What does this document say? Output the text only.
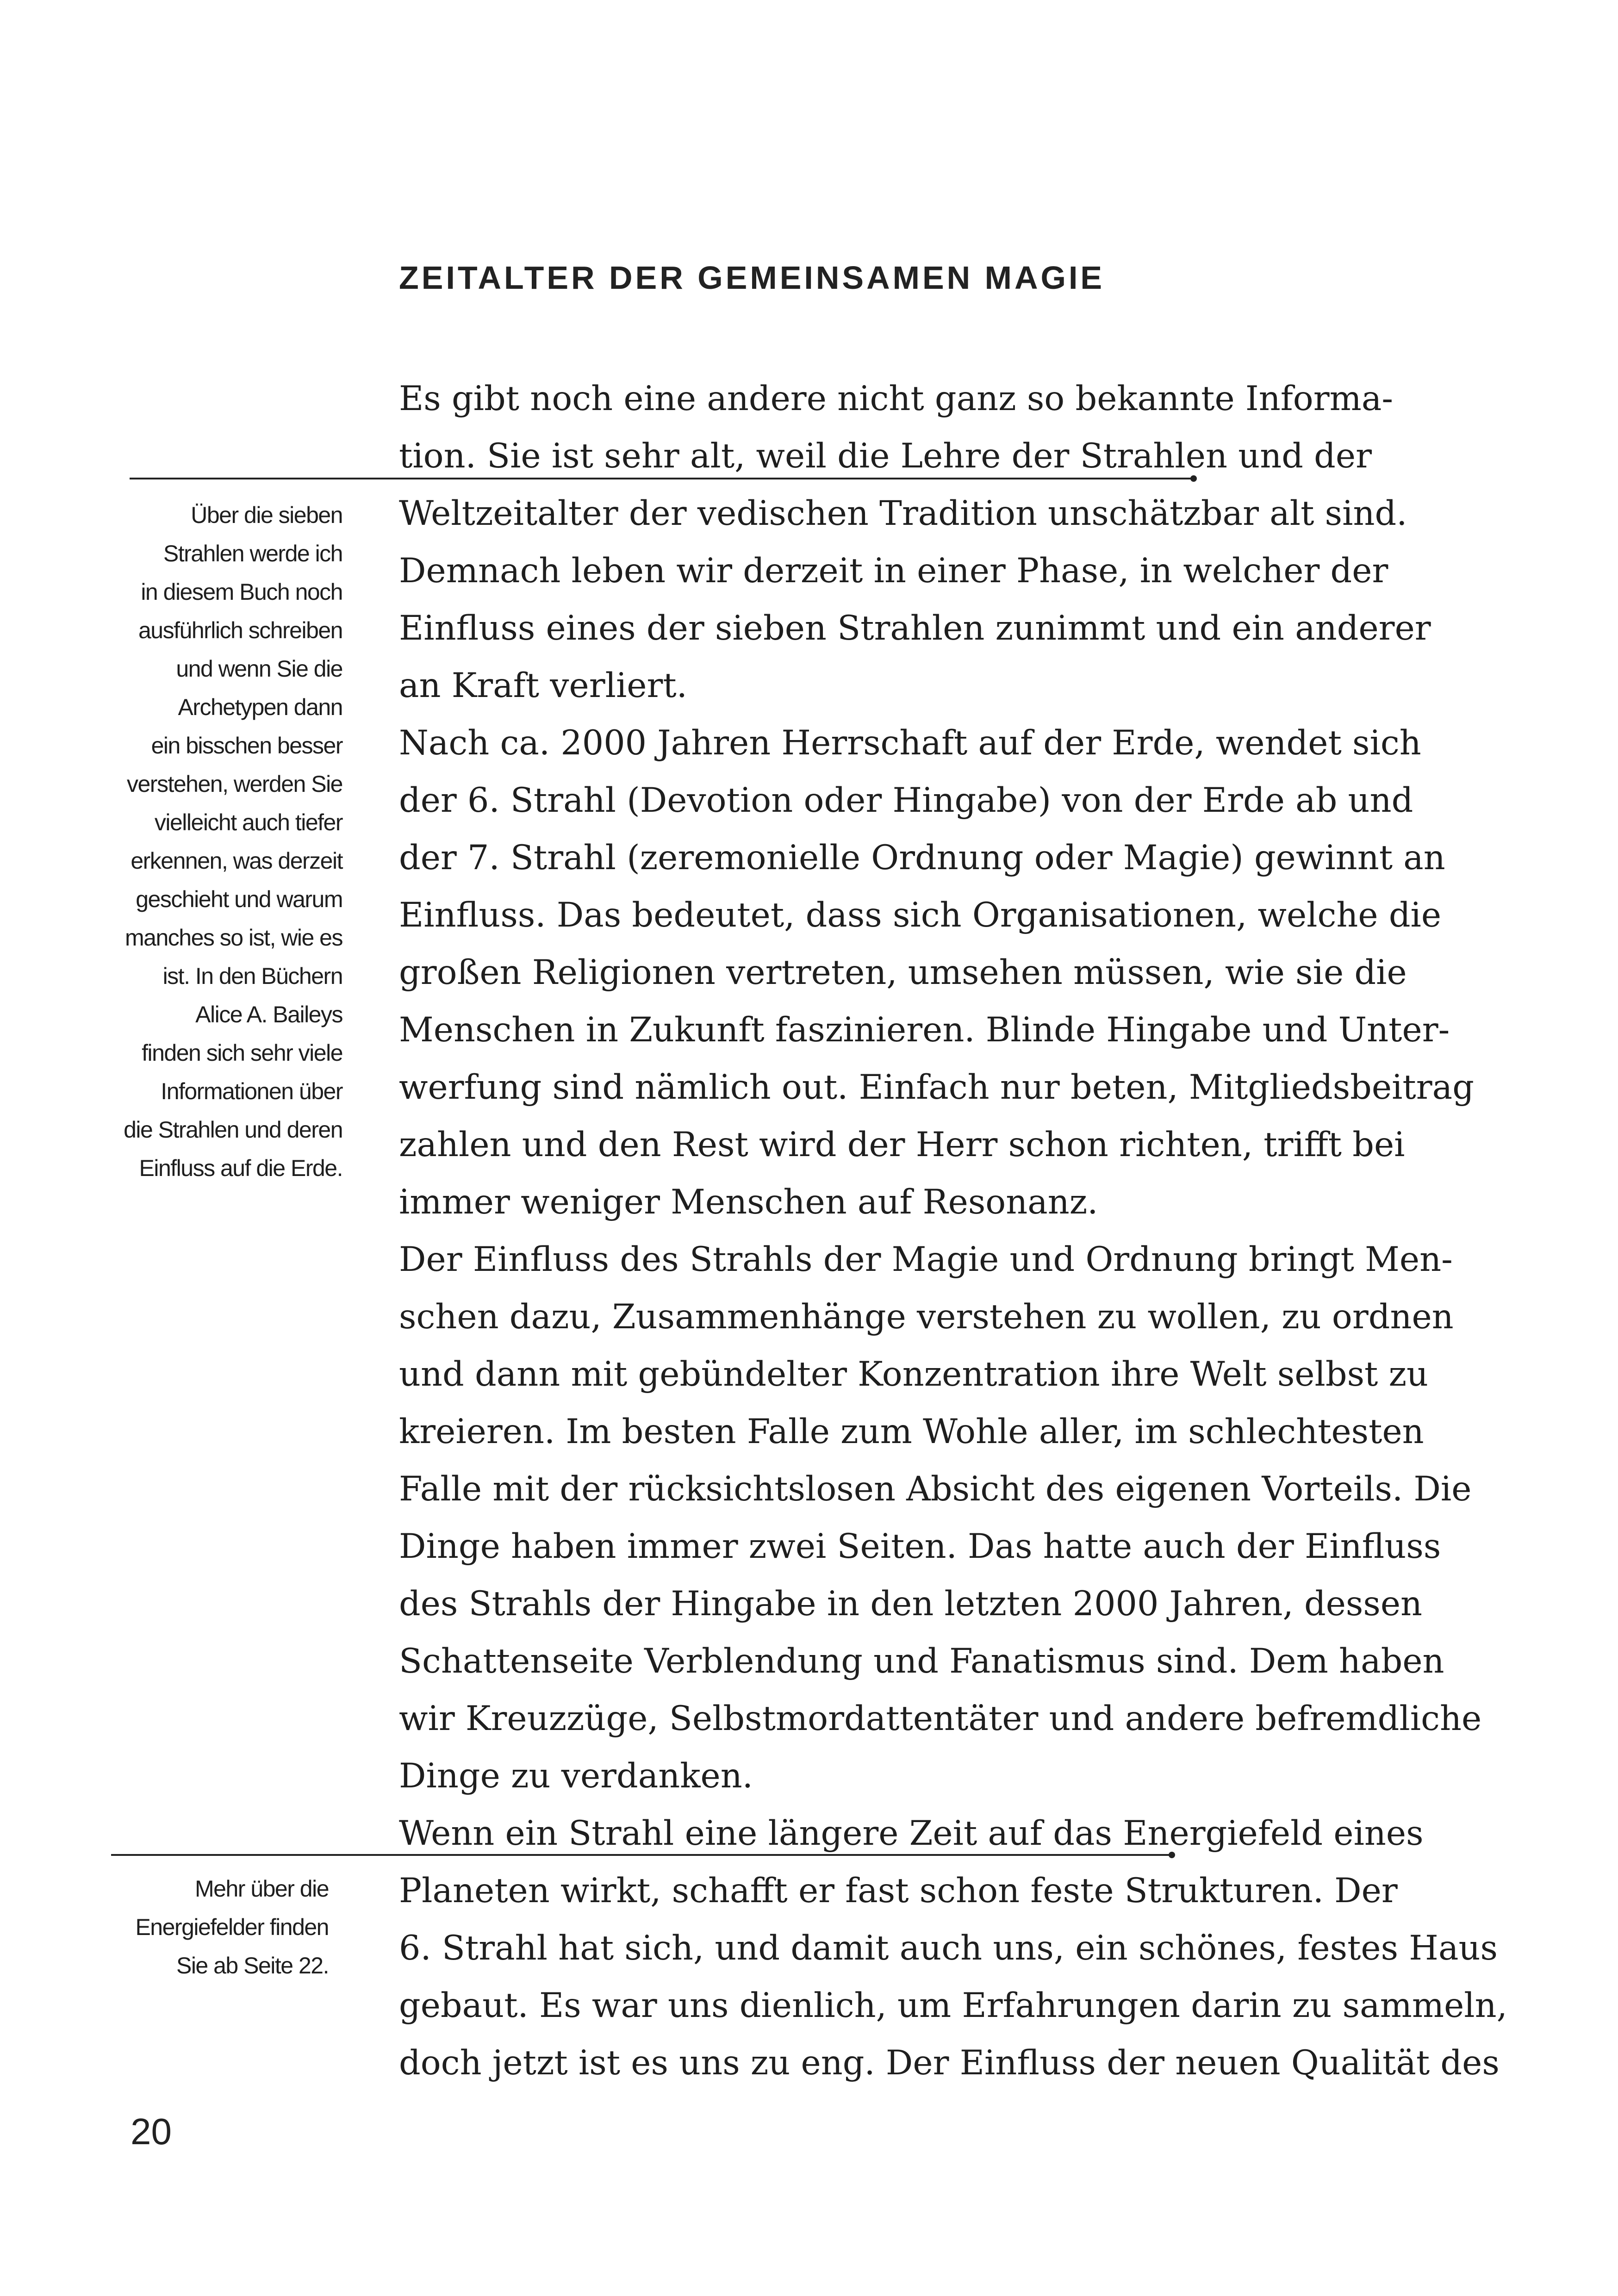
ZEITALTER DER GEMEINSAMEN MAGIE
Über die sieben
Strahlen werde ich
in diesem Buch noch
ausführlich schreiben
und wenn Sie die
Archetypen dann
ein bisschen besser
verstehen, werden Sie
vielleicht auch tiefer
erkennen, was derzeit
geschieht und warum
manches so ist, wie es
ist. In den Büchern
Alice A. Baileys
finden sich sehr viele
Informationen über
die Strahlen und deren
Einfluss auf die Erde.
Mehr über die
Energiefelder finden
Sie ab Seite 22.
Es gibt noch eine andere nicht ganz so bekannte Informa-
tion. Sie ist sehr alt, weil die Lehre der Strahlen und der
Weltzeitalter der vedischen Tradition unschätzbar alt sind.
Demnach leben wir derzeit in einer Phase, in welcher der
Einfluss eines der sieben Strahlen zunimmt und ein anderer
an Kraft verliert.
Nach ca. 2000 Jahren Herrschaft auf der Erde, wendet sich
der 6. Strahl (Devotion oder Hingabe) von der Erde ab und
der 7. Strahl (zeremonielle Ordnung oder Magie) gewinnt an
Einfluss. Das bedeutet, dass sich Organisationen, welche die
großen Religionen vertreten, umsehen müssen, wie sie die
Menschen in Zukunft faszinieren. Blinde Hingabe und Unter-
werfung sind nämlich out. Einfach nur beten, Mitgliedsbeitrag
zahlen und den Rest wird der Herr schon richten, trifft bei
immer weniger Menschen auf Resonanz.
Der Einfluss des Strahls der Magie und Ordnung bringt Men-
schen dazu, Zusammenhänge verstehen zu wollen, zu ordnen
und dann mit gebündelter Konzentration ihre Welt selbst zu
kreieren. Im besten Falle zum Wohle aller, im schlechtesten
Falle mit der rücksichtslosen Absicht des eigenen Vorteils. Die
Dinge haben immer zwei Seiten. Das hatte auch der Einfluss
des Strahls der Hingabe in den letzten 2000 Jahren, dessen
Schattenseite Verblendung und Fanatismus sind. Dem haben
wir Kreuzzüge, Selbstmordattentäter und andere befremdliche
Dinge zu verdanken.
Wenn ein Strahl eine längere Zeit auf das Energiefeld eines
Planeten wirkt, schafft er fast schon feste Strukturen. Der
6. Strahl hat sich, und damit auch uns, ein schönes, festes Haus
gebaut. Es war uns dienlich, um Erfahrungen darin zu sammeln,
doch jetzt ist es uns zu eng. Der Einfluss der neuen Qualität des

20
